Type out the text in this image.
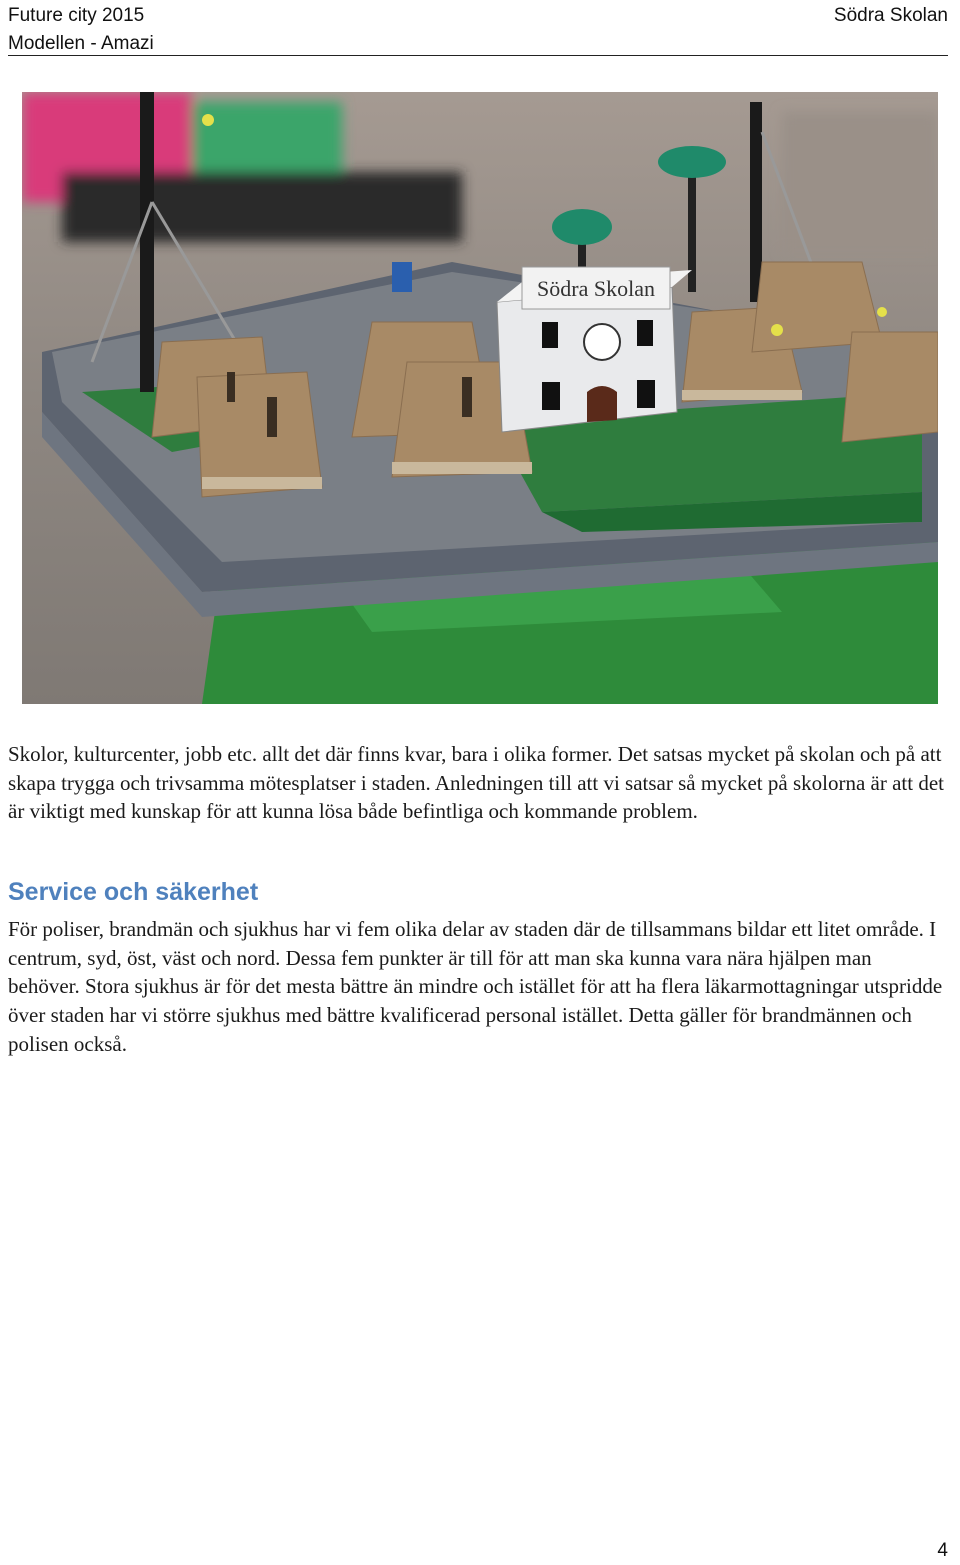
Future city 2015
Modellen - Amazi
Södra Skolan
Södra Skolan
Skolor, kulturcenter, jobb etc. allt det där finns kvar, bara i olika former. Det satsas mycket på skolan och på att skapa trygga och trivsamma mötesplatser i staden. Anledningen till att vi satsar så mycket på skolorna är att det är viktigt med kunskap för att kunna lösa både befintliga och kommande problem.
Service och säkerhet
För poliser, brandmän och sjukhus har vi fem olika delar av staden där de tillsammans bildar ett litet område. I centrum, syd, öst, väst och nord. Dessa fem punkter är till för att man ska kunna vara nära hjälpen man behöver. Stora sjukhus är för det mesta bättre än mindre och istället för att ha flera läkarmottagningar utspridde över staden har vi större sjukhus med bättre kvalificerad personal istället. Detta gäller för brandmännen och polisen också.
4
